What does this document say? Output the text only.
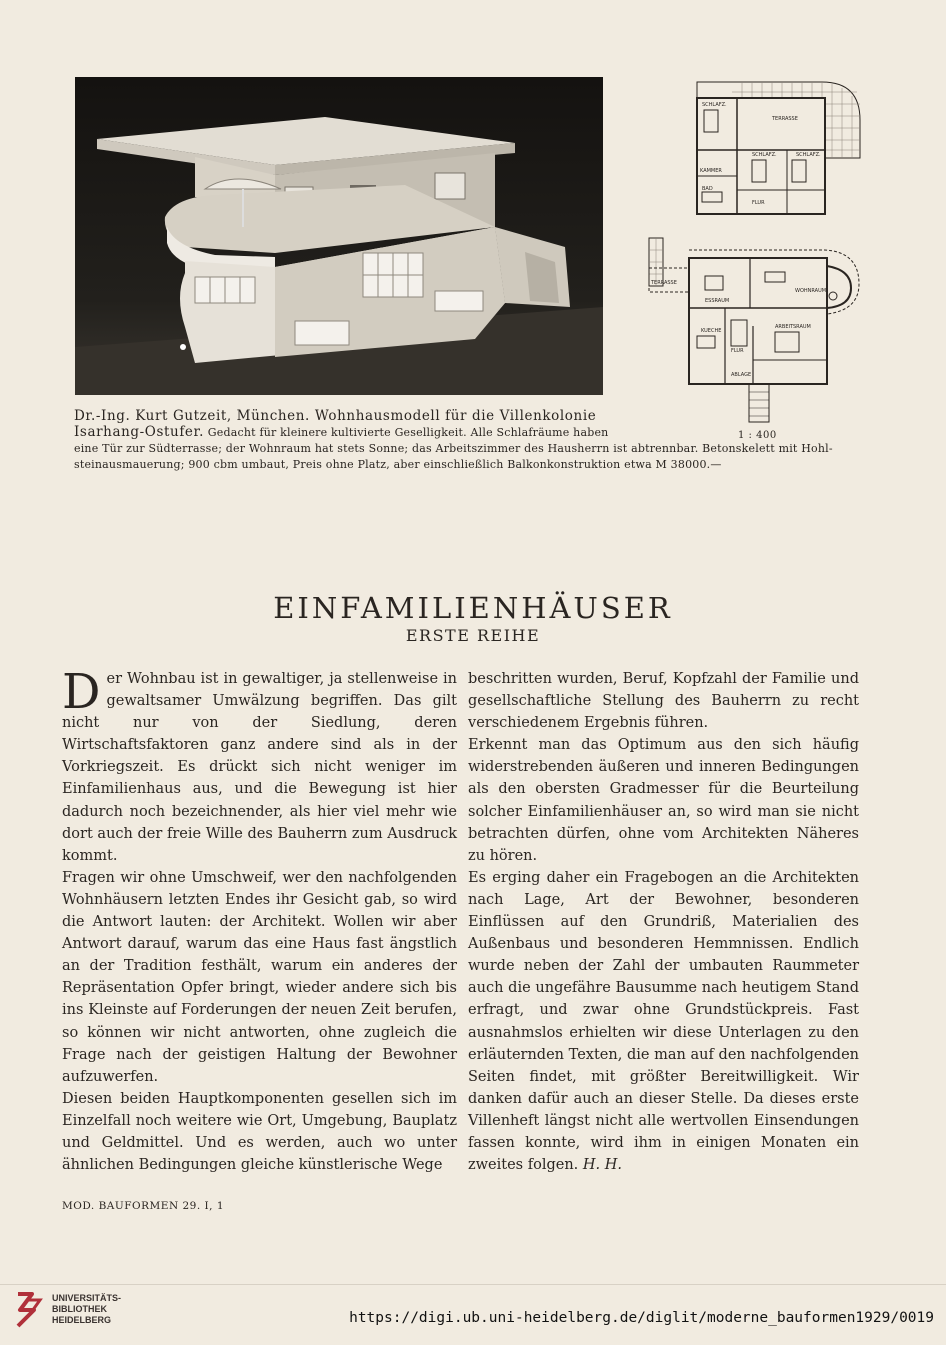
SCHLAFZ.
TERRASSE
KAMMER
SCHLAFZ.	SCHLAFZ.
BAD
FLUR
TERRASSE
WOHNRAUM
ESSRAUM
KUECHE
FLUR
ARBEITSRAUM
ABLAGE
1 : 400
Dr.-Ing. Kurt Gutzeit, München. Wohnhausmodell für die Villenkolonie
Isarhang-Ostufer. Gedacht für kleinere kultivierte Geselligkeit. Alle Schlafräume haben
eine Tür zur Südterrasse; der Wohnraum hat stets Sonne; das Arbeitszimmer des Hausherrn ist abtrennbar. Betonskelett mit Hohl-
steinausmauerung; 900 cbm umbaut, Preis ohne Platz, aber einschließlich Balkonkonstruktion etwa M 38000.—
EINFAMILIENHÄUSER
ERSTE REIHE

Der Wohnbau ist in gewaltiger, ja stellenweise in gewaltsamer Umwälzung begriffen. Das gilt nicht nur von der Siedlung, deren Wirtschaftsfaktoren ganz andere sind als in der Vorkriegszeit. Es drückt sich nicht weniger im Einfamilienhaus aus, und die Bewegung ist hier dadurch noch bezeichnender, als hier viel mehr wie dort auch der freie Wille des Bauherrn zum Ausdruck kommt.

Fragen wir ohne Umschweif, wer den nachfolgenden Wohnhäusern letzten Endes ihr Gesicht gab, so wird die Antwort lauten: der Architekt. Wollen wir aber Antwort darauf, warum das eine Haus fast ängstlich an der Tradition festhält, warum ein anderes der Repräsentation Opfer bringt, wieder andere sich bis ins Kleinste auf Forderungen der neuen Zeit berufen, so können wir nicht antworten, ohne zugleich die Frage nach der geistigen Haltung der Bewohner aufzuwerfen.

Diesen beiden Hauptkomponenten gesellen sich im Einzelfall noch weitere wie Ort, Umgebung, Bauplatz und Geldmittel. Und es werden, auch wo unter ähnlichen Bedingungen gleiche künstlerische Wege

beschritten wurden, Beruf, Kopfzahl der Familie und gesellschaftliche Stellung des Bauherrn zu recht verschiedenem Ergebnis führen.

Erkennt man das Optimum aus den sich häufig widerstrebenden äußeren und inneren Bedingungen als den obersten Gradmesser für die Beurteilung solcher Einfamilienhäuser an, so wird man sie nicht betrachten dürfen, ohne vom Architekten Näheres zu hören.

Es erging daher ein Fragebogen an die Architekten nach Lage, Art der Bewohner, besonderen Einflüssen auf den Grundriß, Materialien des Außenbaus und besonderen Hemmnissen. Endlich wurde neben der Zahl der umbauten Raummeter auch die ungefähre Bausumme nach heutigem Stand erfragt, und zwar ohne Grundstückpreis. Fast ausnahmslos erhielten wir diese Unterlagen zu den erläuternden Texten, die man auf den nachfolgenden Seiten findet, mit größter Bereitwilligkeit. Wir danken dafür auch an dieser Stelle. Da dieses erste Villenheft längst nicht alle wertvollen Einsendungen fassen konnte, wird ihm in einigen Monaten ein zweites folgen. H. H.

MOD. BAUFORMEN 29. I, 1
UNIVERSITÄTS-
BIBLIOTHEK
HEIDELBERG	https://digi.ub.uni-heidelberg.de/diglit/moderne_bauformen1929/0019
